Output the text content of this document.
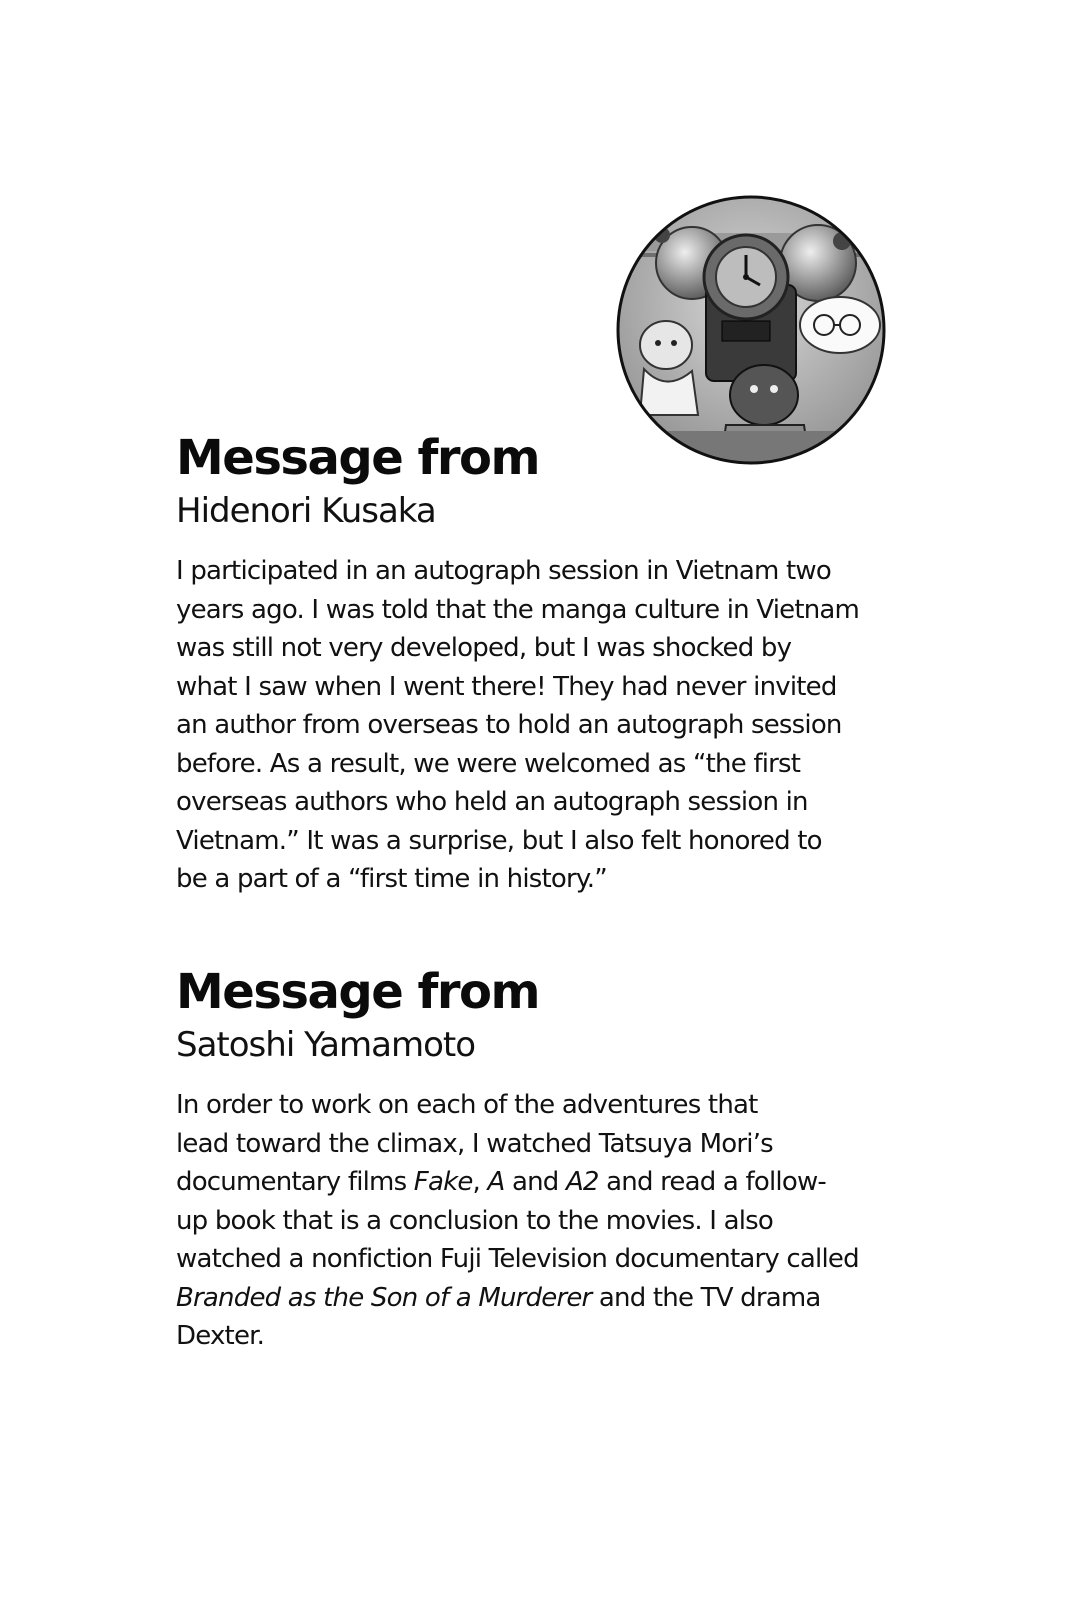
Message from
Hidenori Kusaka
I participated in an autograph session in Vietnam two
years ago. I was told that the manga culture in Vietnam
was still not very developed, but I was shocked by
what I saw when I went there! They had never invited
an author from overseas to hold an autograph session
before. As a result, we were welcomed as “the first
overseas authors who held an autograph session in
Vietnam.” It was a surprise, but I also felt honored to
be a part of a “first time in history.”
Message from
Satoshi Yamamoto
In order to work on each of the adventures that
lead toward the climax, I watched Tatsuya Mori’s
documentary films Fake, A and A2 and read a follow-
up book that is a conclusion to the movies. I also
watched a nonfiction Fuji Television documentary called
Branded as the Son of a Murderer and the TV drama
Dexter.
